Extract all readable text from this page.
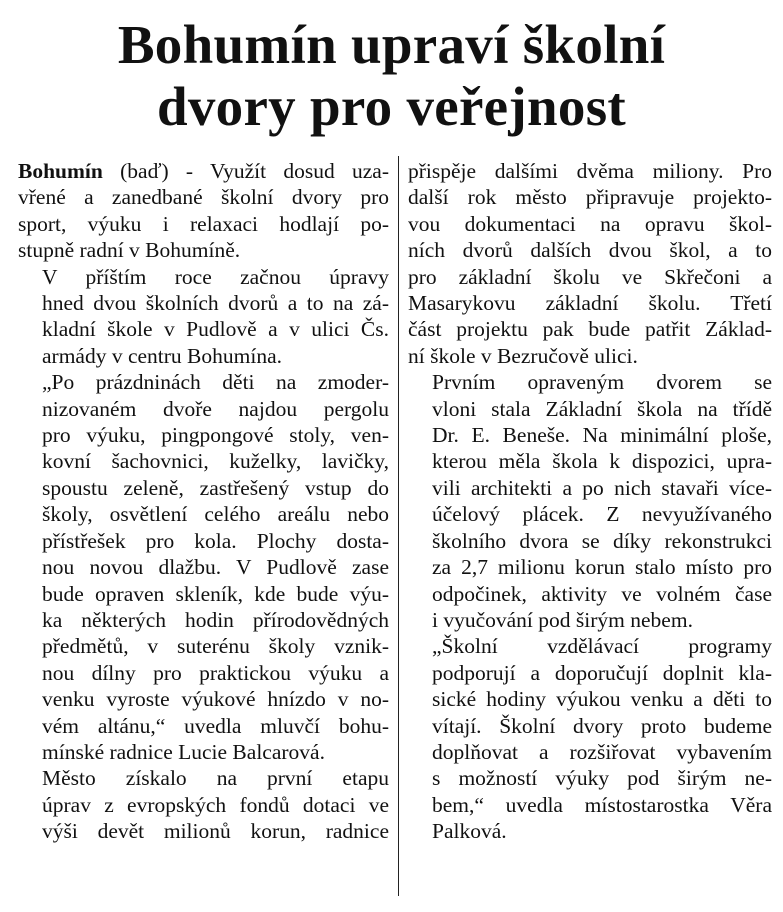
Bohumín upraví školní
dvory pro veřejnost

Bohumín (baď) - Využít dosud uza-
vřené a zanedbané školní dvory pro
sport, výuku i relaxaci hodlají po-
stupně radní v Bohumíně.

V příštím roce začnou úpravy
hned dvou školních dvorů a to na zá-
kladní škole v Pudlově a v ulici Čs.
armády v centru Bohumína.

„Po prázdninách děti na zmoder-
nizovaném dvoře najdou pergolu
pro výuku, pingpongové stoly, ven-
kovní šachovnici, kuželky, lavičky,
spoustu zeleně, zastřešený vstup do
školy, osvětlení celého areálu nebo
přístřešek pro kola. Plochy dosta-
nou novou dlažbu. V Pudlově zase
bude opraven skleník, kde bude výu-
ka některých hodin přírodovědných
předmětů, v suterénu školy vznik-
nou dílny pro praktickou výuku a
venku vyroste výukové hnízdo v no-
vém altánu,“ uvedla mluvčí bohu-
mínské radnice Lucie Balcarová.

Město získalo na první etapu
úprav z evropských fondů dotaci ve
výši devět milionů korun, radnice

přispěje dalšími dvěma miliony. Pro
další rok město připravuje projekto-
vou dokumentaci na opravu škol-
ních dvorů dalších dvou škol, a to
pro základní školu ve Skřečoni a
Masarykovu základní školu. Třetí
část projektu pak bude patřit Základ-
ní škole v Bezručově ulici.

Prvním opraveným dvorem se
vloni stala Základní škola na třídě
Dr. E. Beneše. Na minimální ploše,
kterou měla škola k dispozici, upra-
vili architekti a po nich stavaři více-
účelový plácek. Z nevyužívaného
školního dvora se díky rekonstrukci
za 2,7 milionu korun stalo místo pro
odpočinek, aktivity ve volném čase
i vyučování pod širým nebem.

„Školní vzdělávací programy
podporují a doporučují doplnit kla-
sické hodiny výukou venku a děti to
vítají. Školní dvory proto budeme
doplňovat a rozšiřovat vybavením
s možností výuky pod širým ne-
bem,“ uvedla místostarostka Věra
Palková.
